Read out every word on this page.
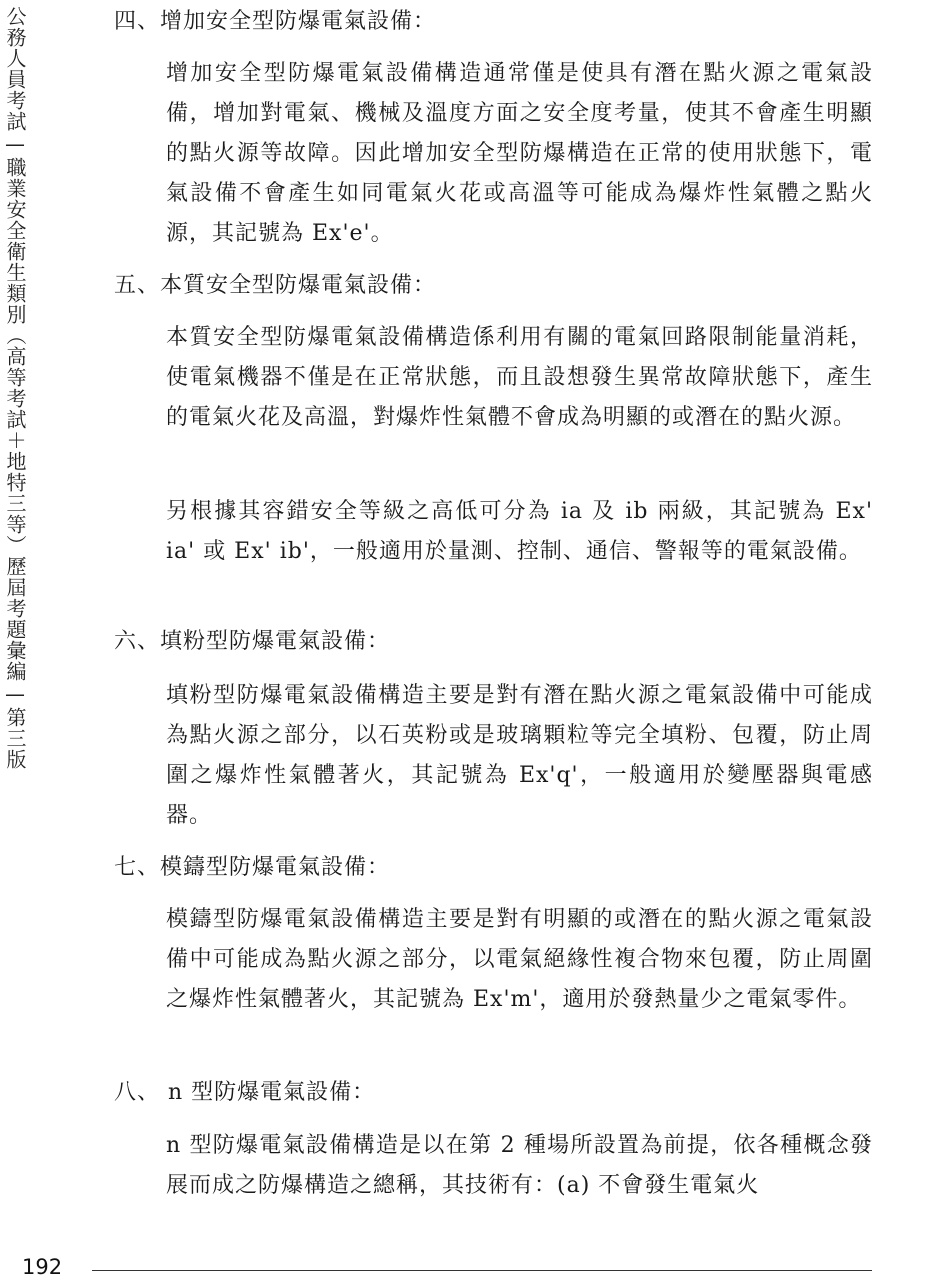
公務人員考試—職業安全衛生類別（高等考試＋地特三等）歷屆考題彙編—第三版	四、增加安全型防爆電氣設備：
增加安全型防爆電氣設備構造通常僅是使具有潛在點火源之電氣設備，增加對電氣、機械及溫度方面之安全度考量，使其不會產生明顯的點火源等故障。因此增加安全型防爆構造在正常的使用狀態下，電氣設備不會產生如同電氣火花或高溫等可能成為爆炸性氣體之點火源，其記號為 Ex'e'。
五、本質安全型防爆電氣設備：
本質安全型防爆電氣設備構造係利用有關的電氣回路限制能量消耗，使電氣機器不僅是在正常狀態，而且設想發生異常故障狀態下，產生的電氣火花及高溫，對爆炸性氣體不會成為明顯的或潛在的點火源。
另根據其容錯安全等級之高低可分為 ia 及 ib 兩級，其記號為 Ex' ia' 或 Ex' ib'，一般適用於量測、控制、通信、警報等的電氣設備。
六、填粉型防爆電氣設備：
填粉型防爆電氣設備構造主要是對有潛在點火源之電氣設備中可能成為點火源之部分，以石英粉或是玻璃顆粒等完全填粉、包覆，防止周圍之爆炸性氣體著火，其記號為 Ex'q'，一般適用於變壓器與電感器。
七、模鑄型防爆電氣設備：
模鑄型防爆電氣設備構造主要是對有明顯的或潛在的點火源之電氣設備中可能成為點火源之部分，以電氣絕緣性複合物來包覆，防止周圍之爆炸性氣體著火，其記號為 Ex'm'，適用於發熱量少之電氣零件。
八、 n 型防爆電氣設備：
n 型防爆電氣設備構造是以在第 2 種場所設置為前提，依各種概念發展而成之防爆構造之總稱，其技術有：(a) 不會發生電氣火
192
